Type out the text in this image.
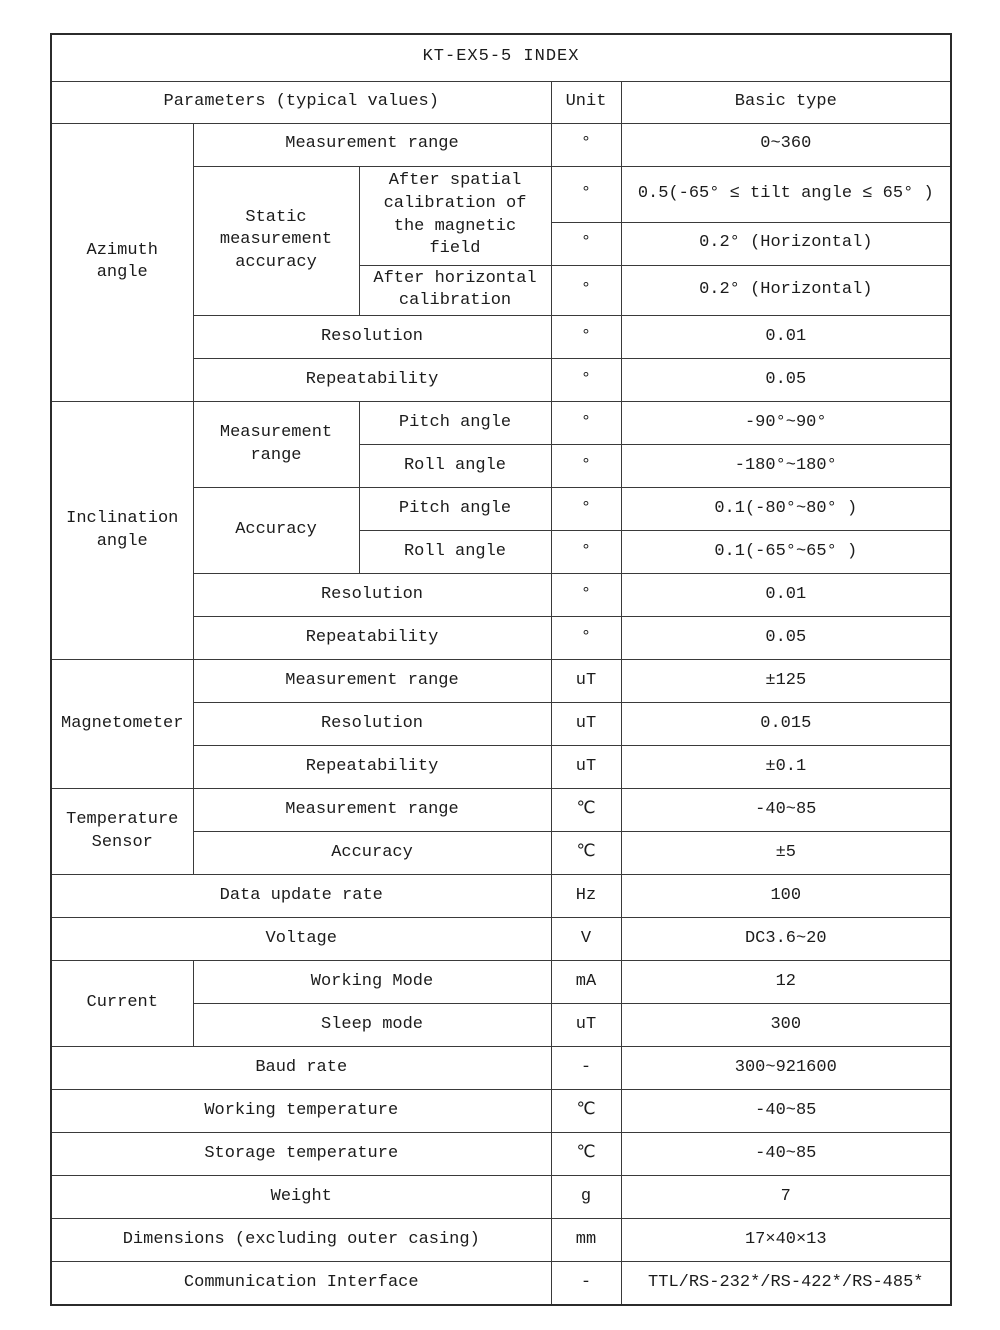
KT-EX5-5 INDEX				
Parameters (typical values)			Unit	Basic type
Azimuth angle	Measurement range		°	0~360
	Static measurement accuracy	After spatial calibration of the magnetic field	°	0.5(-65° ≤ tilt angle ≤ 65° )
			°	0.2° (Horizontal)
		After horizontal calibration	°	0.2° (Horizontal)
	Resolution		°	0.01
	Repeatability		°	0.05
Inclination angle	Measurement range	Pitch angle	°	-90°~90°
		Roll angle	°	-180°~180°
	Accuracy	Pitch angle	°	0.1(-80°~80° )
		Roll angle	°	0.1(-65°~65° )
	Resolution		°	0.01
	Repeatability		°	0.05
Magnetometer	Measurement range		uT	±125
	Resolution		uT	0.015
	Repeatability		uT	±0.1
Temperature Sensor	Measurement range		℃	-40~85
	Accuracy		℃	±5
Data update rate			Hz	100
Voltage			V	DC3.6~20
Current	Working Mode		mA	12
	Sleep mode		uT	300
Baud rate			-	300~921600
Working temperature			℃	-40~85
Storage temperature			℃	-40~85
Weight			g	7
Dimensions (excluding outer casing)			mm	17×40×13
Communication Interface			-	TTL/RS-232*/RS-422*/RS-485*
